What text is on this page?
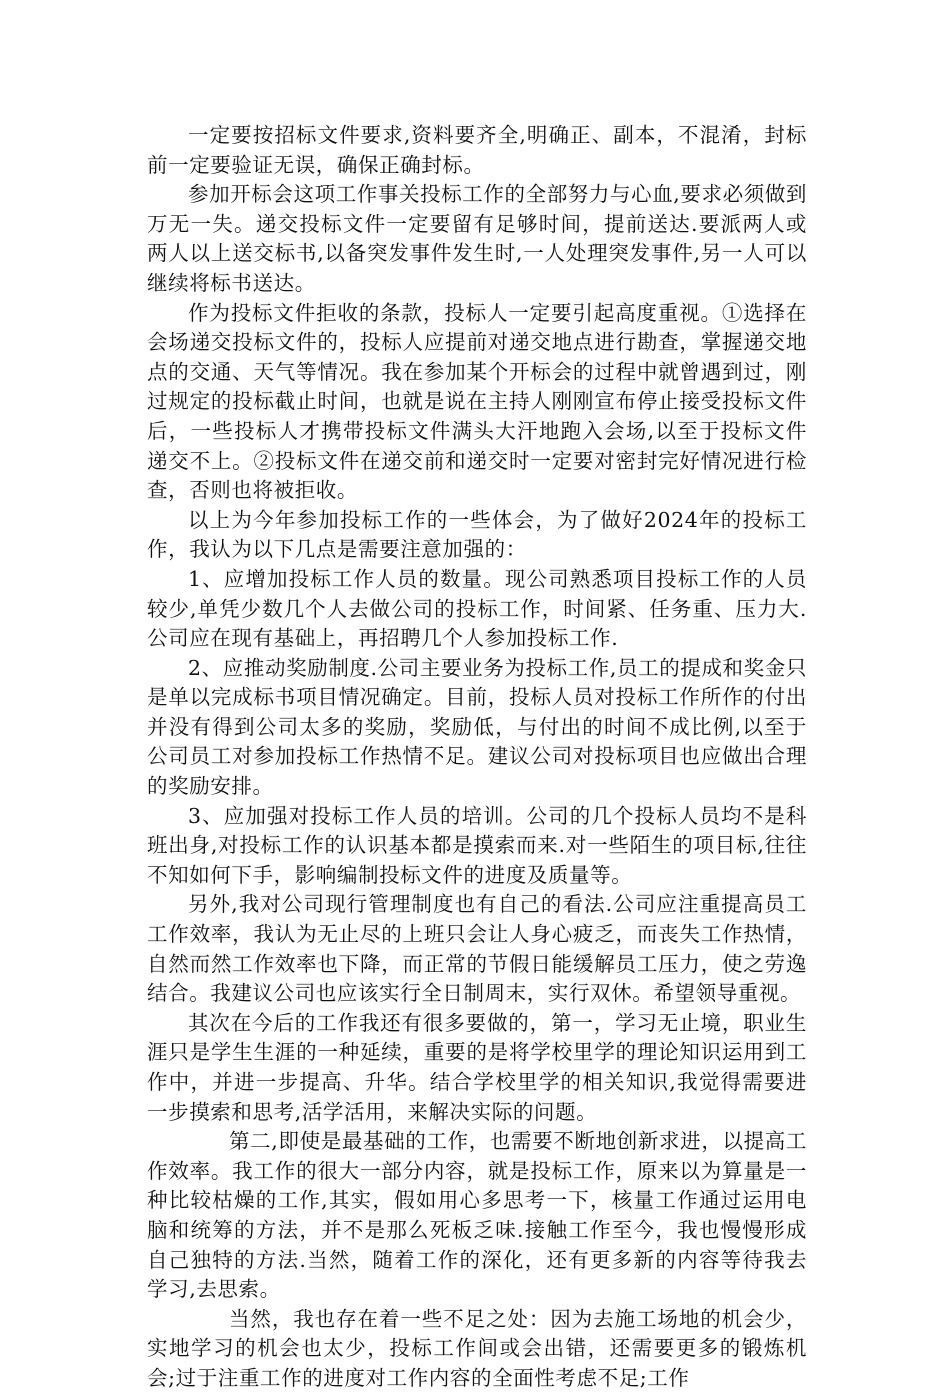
一定要按招标文件要求,资料要齐全,明确正、副本，不混淆，封标前一定要验证无误，确保正确封标。

参加开标会这项工作事关投标工作的全部努力与心血,要求必须做到万无一失。递交投标文件一定要留有足够时间，提前送达.要派两人或两人以上送交标书,以备突发事件发生时,一人处理突发事件,另一人可以继续将标书送达。

作为投标文件拒收的条款，投标人一定要引起高度重视。①选择在会场递交投标文件的，投标人应提前对递交地点进行勘查，掌握递交地点的交通、天气等情况。我在参加某个开标会的过程中就曾遇到过，刚过规定的投标截止时间，也就是说在主持人刚刚宣布停止接受投标文件后，一些投标人才携带投标文件满头大汗地跑入会场,以至于投标文件递交不上。②投标文件在递交前和递交时一定要对密封完好情况进行检查，否则也将被拒收。

以上为今年参加投标工作的一些体会，为了做好2024年的投标工作，我认为以下几点是需要注意加强的：

1、应增加投标工作人员的数量。现公司熟悉项目投标工作的人员较少,单凭少数几个人去做公司的投标工作，时间紧、任务重、压力大.公司应在现有基础上，再招聘几个人参加投标工作.

2、应推动奖励制度.公司主要业务为投标工作,员工的提成和奖金只是单以完成标书项目情况确定。目前，投标人员对投标工作所作的付出并没有得到公司太多的奖励，奖励低，与付出的时间不成比例,以至于公司员工对参加投标工作热情不足。建议公司对投标项目也应做出合理的奖励安排。

3、应加强对投标工作人员的培训。公司的几个投标人员均不是科班出身,对投标工作的认识基本都是摸索而来.对一些陌生的项目标,往往不知如何下手，影响编制投标文件的进度及质量等。

另外,我对公司现行管理制度也有自己的看法.公司应注重提高员工工作效率，我认为无止尽的上班只会让人身心疲乏，而丧失工作热情，自然而然工作效率也下降，而正常的节假日能缓解员工压力，使之劳逸结合。我建议公司也应该实行全日制周末，实行双休。希望领导重视。

其次在今后的工作我还有很多要做的，第一，学习无止境，职业生涯只是学生生涯的一种延续，重要的是将学校里学的理论知识运用到工作中，并进一步提高、升华。结合学校里学的相关知识,我觉得需要进一步摸索和思考,活学活用，来解决实际的问题。

第二,即使是最基础的工作，也需要不断地创新求进，以提高工作效率。我工作的很大一部分内容，就是投标工作，原来以为算量是一种比较枯燥的工作,其实，假如用心多思考一下，核量工作通过运用电脑和统筹的方法，并不是那么死板乏味.接触工作至今，我也慢慢形成自己独特的方法.当然，随着工作的深化，还有更多新的内容等待我去学习,去思索。

当然，我也存在着一些不足之处：因为去施工场地的机会少，实地学习的机会也太少，投标工作间或会出错，还需要更多的锻炼机会;过于注重工作的进度对工作内容的全面性考虑不足;工作
